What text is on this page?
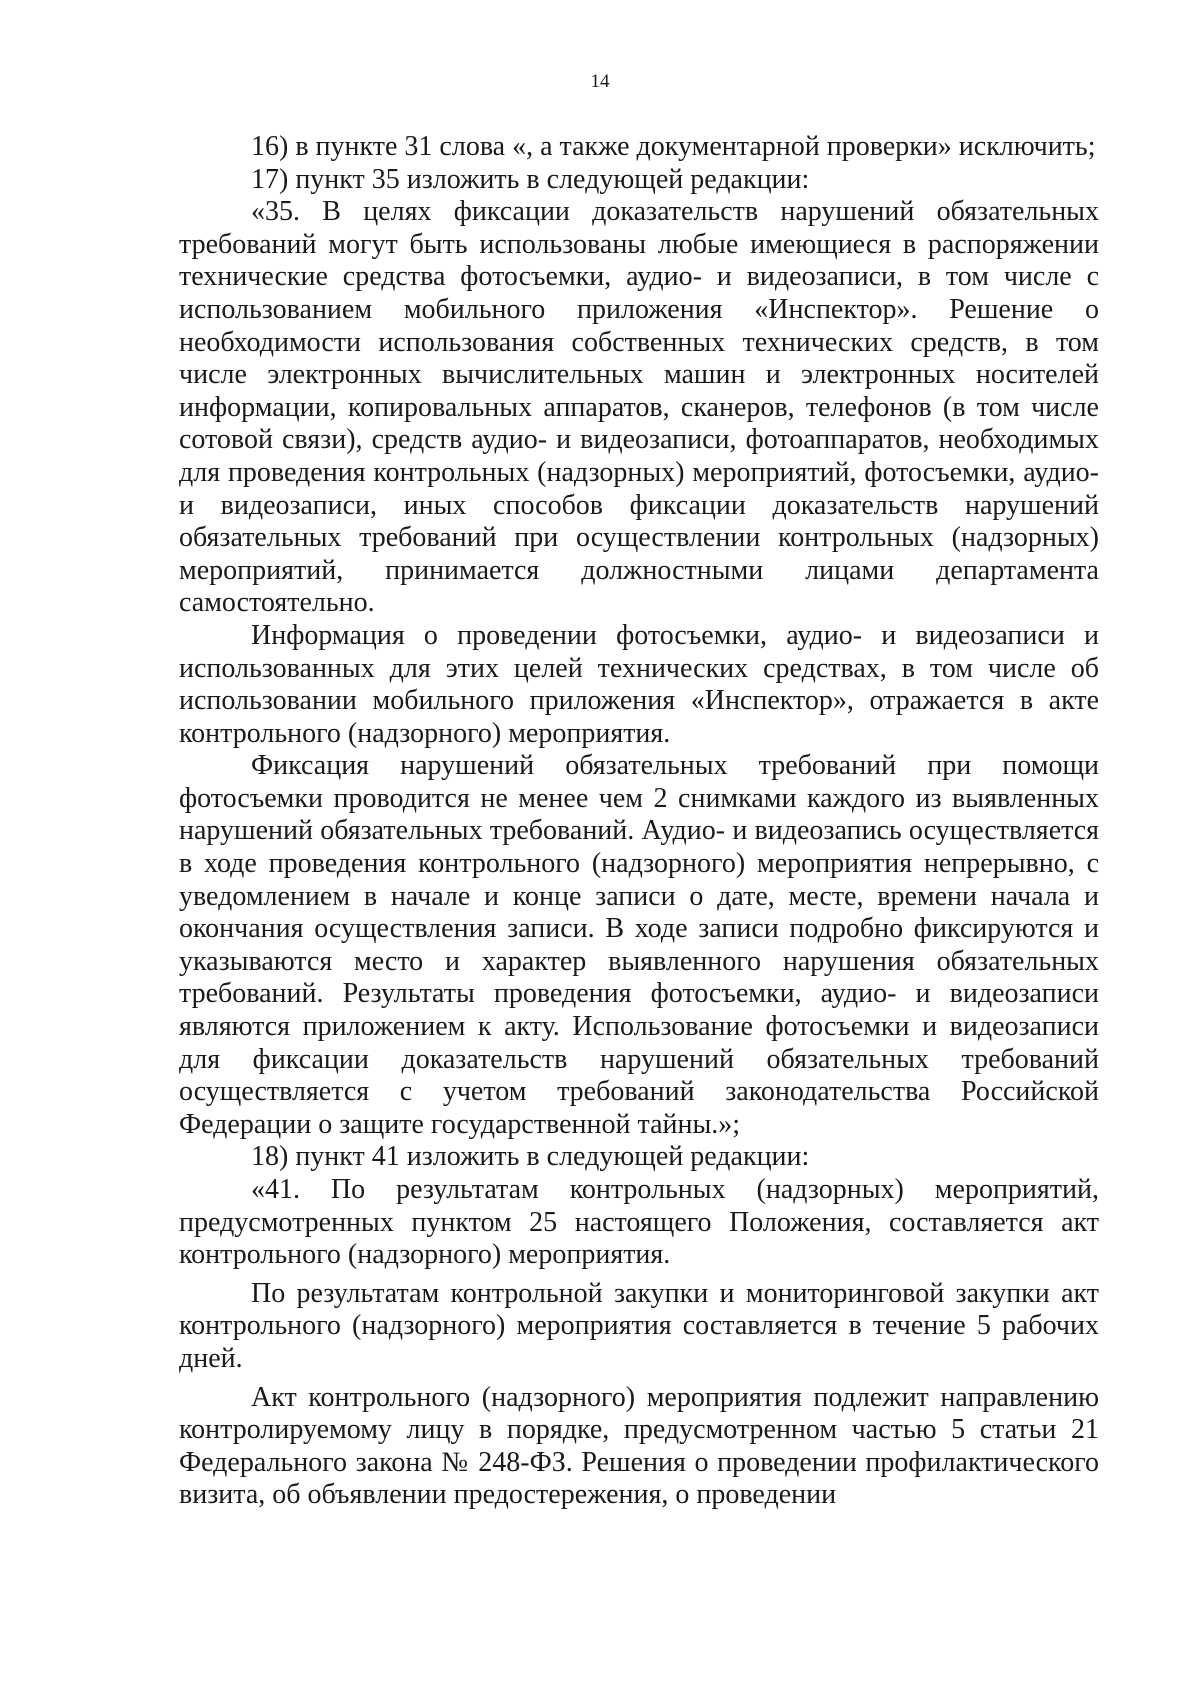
14

16) в пункте 31 слова «, а также документарной проверки» исключить;

17) пункт 35 изложить в следующей редакции:

«35. В целях фиксации доказательств нарушений обязательных требований могут быть использованы любые имеющиеся в распоряжении технические средства фотосъемки, аудио- и видеозаписи, в том числе с использованием мобильного приложения «Инспектор». Решение о необходимости использования собственных технических средств, в том числе электронных вычислительных машин и электронных носителей информации, копировальных аппаратов, сканеров, телефонов (в том числе сотовой связи), средств аудио- и видеозаписи, фотоаппаратов, необходимых для проведения контрольных (надзорных) мероприятий, фотосъемки, аудио- и видеозаписи, иных способов фиксации доказательств нарушений обязательных требований при осуществлении контрольных (надзорных) мероприятий, принимается должностными лицами департамента самостоятельно.

Информация о проведении фотосъемки, аудио- и видеозаписи и использованных для этих целей технических средствах, в том числе об использовании мобильного приложения «Инспектор», отражается в акте контрольного (надзорного) мероприятия.

Фиксация нарушений обязательных требований при помощи фотосъемки проводится не менее чем 2 снимками каждого из выявленных нарушений обязательных требований. Аудио- и видеозапись осуществляется в ходе проведения контрольного (надзорного) мероприятия непрерывно, с уведомлением в начале и конце записи о дате, месте, времени начала и окончания осуществления записи. В ходе записи подробно фиксируются и указываются место и характер выявленного нарушения обязательных требований. Результаты проведения фотосъемки, аудио- и видеозаписи являются приложением к акту. Использование фотосъемки и видеозаписи для фиксации доказательств нарушений обязательных требований осуществляется с учетом требований законодательства Российской Федерации о защите государственной тайны.»;

18) пункт 41 изложить в следующей редакции:

«41. По результатам контрольных (надзорных) мероприятий, предусмотренных пунктом 25 настоящего Положения, составляется акт контрольного (надзорного) мероприятия.

По результатам контрольной закупки и мониторинговой закупки акт контрольного (надзорного) мероприятия составляется в течение 5 рабочих дней.

Акт контрольного (надзорного) мероприятия подлежит направлению контролируемому лицу в порядке, предусмотренном частью 5 статьи 21 Федерального закона № 248-ФЗ. Решения о проведении профилактического визита, об объявлении предостережения, о проведении
